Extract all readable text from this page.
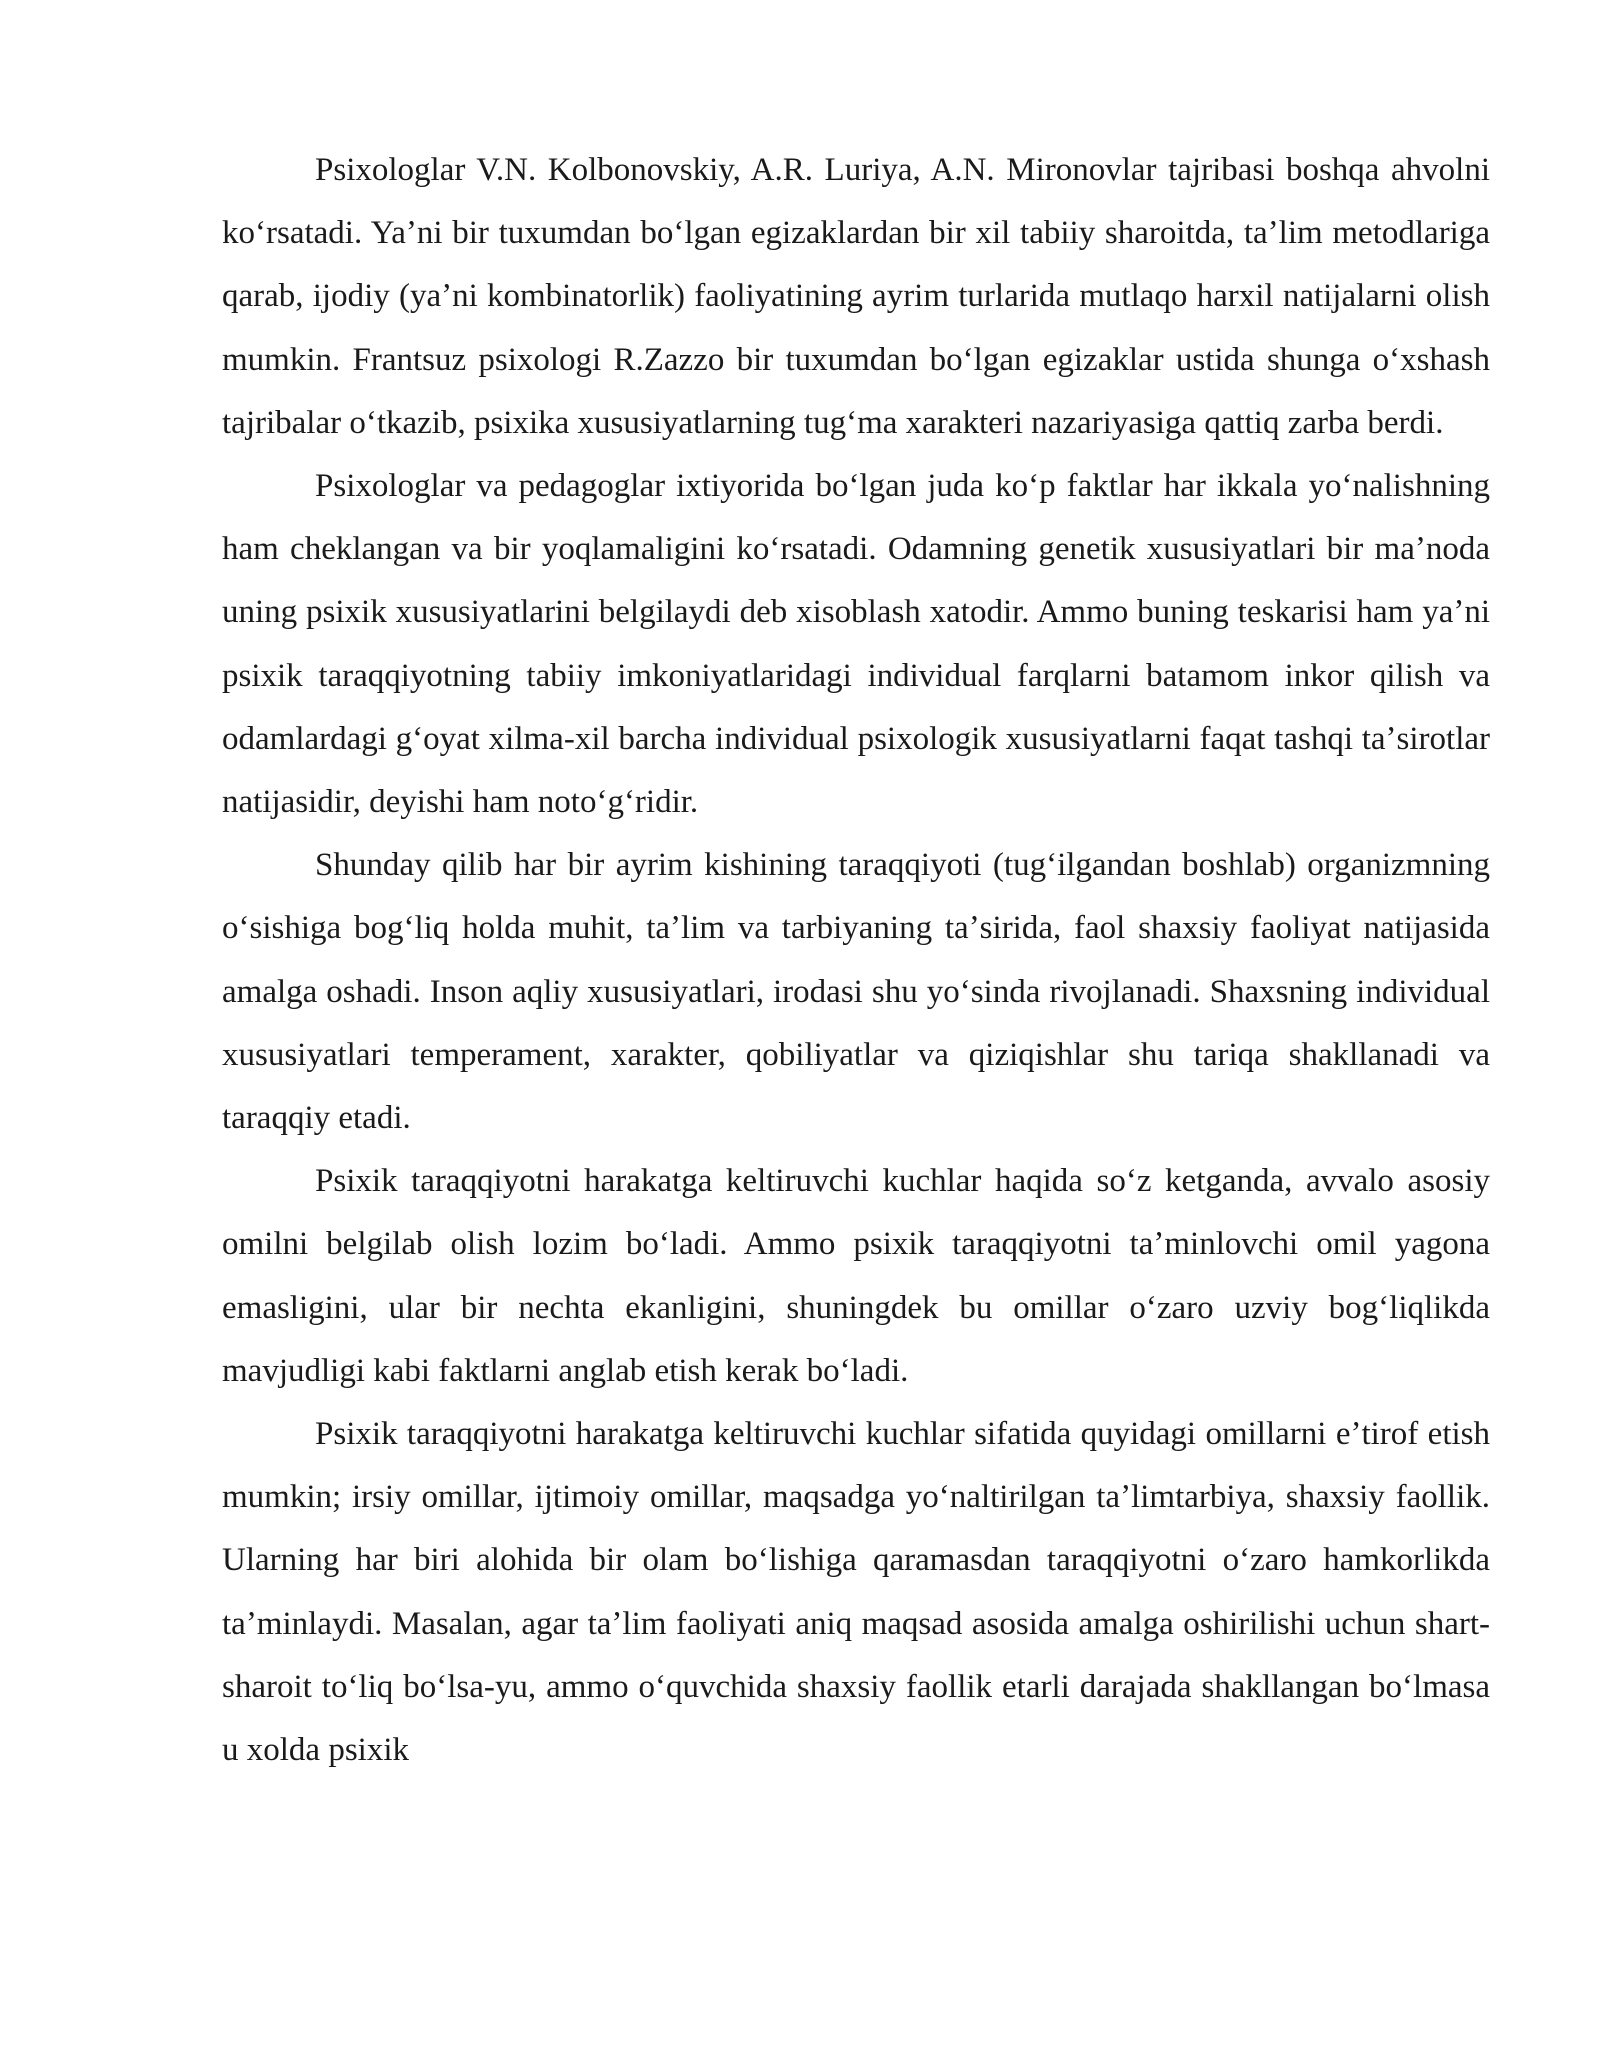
Psixologlar V.N. Kolbonovskiy, A.R. Luriya, A.N. Mironovlar tajribasi boshqa ahvolni koʻrsatadi. Yaʼni bir tuxumdan boʻlgan egizaklardan bir xil tabiiy sharoitda, taʼlim metodlariga qarab, ijodiy (yaʼni kombinatorlik) faoliyatining ayrim turlarida mutlaqo harxil natijalarni olish mumkin. Frantsuz psixologi R.Zazzo bir tuxumdan boʻlgan egizaklar ustida shunga oʻxshash tajribalar oʻtkazib, psixika xususiyatlarning tugʻma xarakteri nazariyasiga qattiq zarba berdi.

Psixologlar va pedagoglar ixtiyorida boʻlgan juda koʻp faktlar har ikkala yoʻnalishning ham cheklangan va bir yoqlamaligini koʻrsatadi. Odamning genetik xususiyatlari bir maʼnoda uning psixik xususiyatlarini belgilaydi deb xisoblash xatodir. Ammo buning teskarisi ham yaʼni psixik taraqqiyotning tabiiy imkoniyatlaridagi individual farqlarni batamom inkor qilish va odamlardagi gʻoyat xilma-xil barcha individual psixologik xususiyatlarni faqat tashqi taʼsirotlar natijasidir, deyishi ham notoʻgʻridir.

Shunday qilib har bir ayrim kishining taraqqiyoti (tugʻilgandan boshlab) organizmning oʻsishiga bogʻliq holda muhit, taʼlim va tarbiyaning taʼsirida, faol shaxsiy faoliyat natijasida amalga oshadi. Inson aqliy xususiyatlari, irodasi shu yoʻsinda rivojlanadi. Shaxsning individual xususiyatlari temperament, xarakter, qobiliyatlar va qiziqishlar shu tariqa shakllanadi va taraqqiy etadi.

Psixik taraqqiyotni harakatga keltiruvchi kuchlar haqida soʻz ketganda, avvalo asosiy omilni belgilab olish lozim boʻladi. Ammo psixik taraqqiyotni taʼminlovchi omil yagona emasligini, ular bir nechta ekanligini, shuningdek bu omillar oʻzaro uzviy bogʻliqlikda mavjudligi kabi faktlarni anglab etish kerak boʻladi.

Psixik taraqqiyotni harakatga keltiruvchi kuchlar sifatida quyidagi omillarni eʼtirof etish mumkin; irsiy omillar, ijtimoiy omillar, maqsadga yoʻnaltirilgan taʼlimtarbiya, shaxsiy faollik. Ularning har biri alohida bir olam boʻlishiga qaramasdan taraqqiyotni oʻzaro hamkorlikda taʼminlaydi. Masalan, agar taʼlim faoliyati aniq maqsad asosida amalga oshirilishi uchun shart-sharoit toʻliq boʻlsa-yu, ammo oʻquvchida shaxsiy faollik etarli darajada shakllangan boʻlmasa u xolda psixik
